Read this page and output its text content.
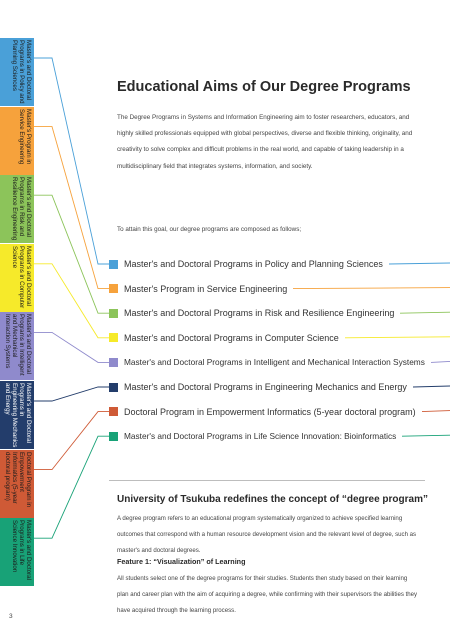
Master's and Doctoral Programs in Policy and Planning Sciences
Master's Program in Service Engineering
Master's and Doctoral Programs in Risk and Resilience Engineering
Master's and Doctoral Programs in Computer Science
Master's and Doctoral Programs in Intelligent and Mechanical Interaction Systems
Master's and Doctoral Programs in Engineering Mechanics and Energy
Doctoral Program in Empowerment Informatics (5-year doctoral program)
Master's and Doctoral Programs in Life Science Innovation
Educational Aims of Our Degree Programs

The Degree Programs in Systems and Information Engineering aim to foster researchers, educators, and highly skilled professionals equipped with global perspectives, diverse and flexible thinking, originality, and creativity to solve complex and difficult problems in the real world, and capable of taking leadership in a multidisciplinary field that integrates systems, information, and society.

To attain this goal, our degree programs are composed as follows;

Master's and Doctoral Programs in Policy and Planning Sciences
Master's Program in Service Engineering
Master's and Doctoral Programs in Risk and Resilience Engineering
Master's and Doctoral Programs in Computer Science
Master's and Doctoral Programs in Intelligent and Mechanical Interaction Systems
Master's and Doctoral Programs in Engineering Mechanics and Energy
Doctoral Program in Empowerment Informatics (5-year doctoral program)
Master's and Doctoral Programs in Life Science Innovation: Bioinformatics
University of Tsukuba redefines the concept of “degree program”

A degree program refers to an educational program systematically organized to achieve specified learning outcomes that correspond with a human resource development vision and the relevant level of degree, such as master's and doctoral degrees.

Feature 1: “Visualization” of Learning

All students select one of the degree programs for their studies. Students then study based on their learning plan and career plan with the aim of acquiring a degree, while confirming with their supervisors the abilities they have acquired through the learning process.

3
